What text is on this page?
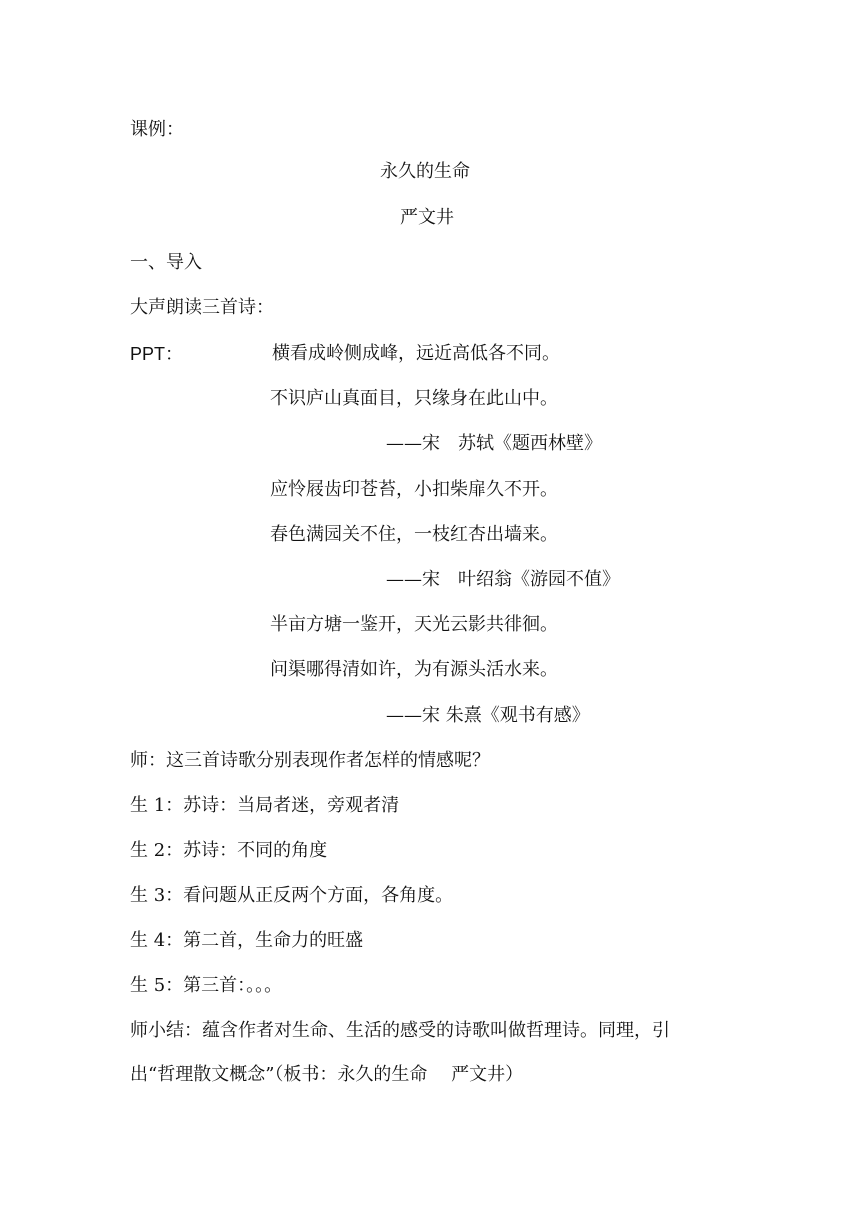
课例：
永久的生命
严文井
一、导入
大声朗读三首诗：
PPT：	横看成岭侧成峰，远近高低各不同。
不识庐山真面目，只缘身在此山中。
——宋　苏轼《题西林壁》
应怜屐齿印苍苔，小扣柴扉久不开。
春色满园关不住，一枝红杏出墙来。
——宋　叶绍翁《游园不值》
半亩方塘一鉴开，天光云影共徘徊。
问渠哪得清如许，为有源头活水来。
——宋 朱熹《观书有感》
师：这三首诗歌分别表现作者怎样的情感呢？
生 1：苏诗：当局者迷，旁观者清
生 2：苏诗：不同的角度
生 3：看问题从正反两个方面，各角度。
生 4：第二首，生命力的旺盛
生 5：第三首：。。。
师小结：蕴含作者对生命、生活的感受的诗歌叫做哲理诗。同理，引
出“哲理散文概念”（板书：永久的生命　 严文井）
